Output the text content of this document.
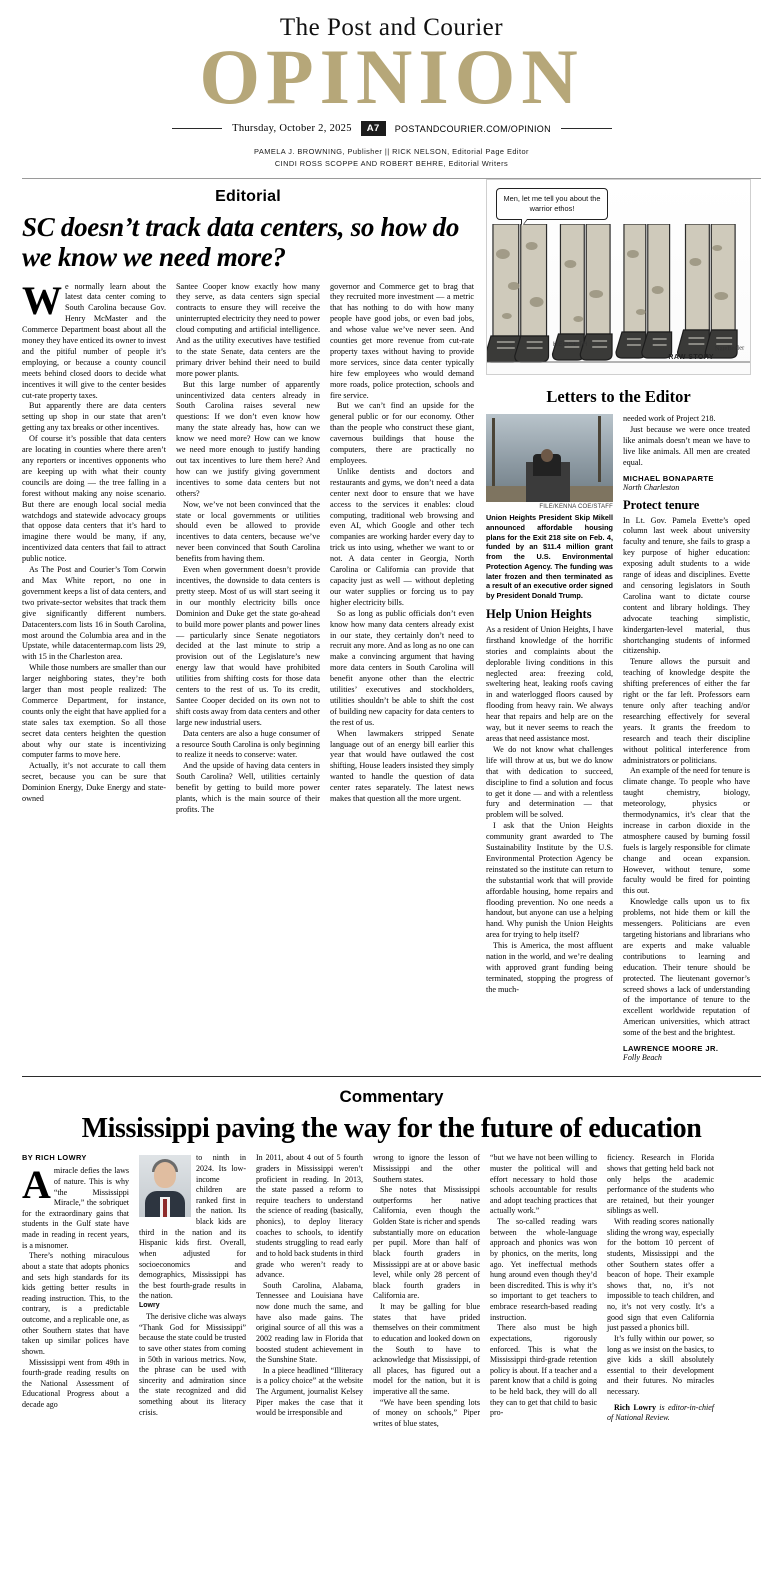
The Post and Courier
OPINION
Thursday, October 2, 2025	A7	POSTANDCOURIER.COM/OPINION
PAMELA J. BROWNING, Publisher || RICK NELSON, Editorial Page Editor
CINDI ROSS SCOPPE AND ROBERT BEHRE, Editorial Writers
Editorial
SC doesn’t track data centers, so how do we know we need more?

We normally learn about the latest data center coming to South Carolina because Gov. Henry McMaster and the Commerce Department boast about all the money they have enticed its owner to invest and the pitiful number of people it’s employing, or because a county council meets behind closed doors to decide what incentives it will give to the center besides cut-rate property taxes.

But apparently there are data centers setting up shop in our state that aren’t getting any tax breaks or other incentives.

Of course it’s possible that data centers are locating in counties where there aren’t any reporters or incentives opponents who are keeping up with what their county councils are doing — the tree falling in a forest without making any noise scenario. But there are enough local social media watchdogs and statewide advocacy groups that oppose data centers that it’s hard to imagine there would be many, if any, incentivized data centers that fail to attract public notice.

As The Post and Courier’s Tom Corwin and Max White report, no one in government keeps a list of data centers, and two private-sector websites that track them give significantly different numbers. Datacenters.com lists 16 in South Carolina, most around the Columbia area and in the Upstate, while datacentermap.com lists 29, with 15 in the Charleston area.

While those numbers are smaller than our larger neighboring states, they’re both larger than most people realized: The Commerce Department, for instance, counts only the eight that have applied for a state sales tax exemption. So all those secret data centers heighten the question about why our state is incentivizing computer farms to move here.

Actually, it’s not accurate to call them secret, because you can be sure that Dominion Energy, Duke Energy and state-owned

Santee Cooper know exactly how many they serve, as data centers sign special contracts to ensure they will receive the uninterrupted electricity they need to power cloud computing and artificial intelligence. And as the utility executives have testified to the state Senate, data centers are the primary driver behind their need to build more power plants.

But this large number of apparently unincentivized data centers already in South Carolina raises several new questions: If we don’t even know how many the state already has, how can we know we need more? How can we know we need more enough to justify handing out tax incentives to lure them here? And how can we justify giving government incentives to some data centers but not others?

Now, we’ve not been convinced that the state or local governments or utilities should even be allowed to provide incentives to data centers, because we’ve never been convinced that South Carolina benefits from having them.

Even when government doesn’t provide incentives, the downside to data centers is pretty steep. Most of us will start seeing it in our monthly electricity bills once Dominion and Duke get the state go-ahead to build more power plants and power lines — particularly since Senate negotiators decided at the last minute to strip a provision out of the Legislature’s new energy law that would have prohibited utilities from shifting costs for those data centers to the rest of us. To its credit, Santee Cooper decided on its own not to shift costs away from data centers and other large new industrial users.

Data centers are also a huge consumer of a resource South Carolina is only beginning to realize it needs to conserve: water.

And the upside of having data centers in South Carolina? Well, utilities certainly benefit by getting to build more power plants, which is the main source of their profits. The

governor and Commerce get to brag that they recruited more investment — a metric that has nothing to do with how many people have good jobs, or even bad jobs, and whose value we’ve never seen. And counties get more revenue from cut-rate property taxes without having to provide more services, since data center typically hire few employees who would demand more roads, police protection, schools and fire service.

But we can’t find an upside for the general public or for our economy. Other than the people who construct these giant, cavernous buildings that house the computers, there are practically no employees.

Unlike dentists and doctors and restaurants and gyms, we don’t need a data center next door to ensure that we have access to the services it enables: cloud computing, traditional web browsing and even AI, which Google and other tech companies are working harder every day to trick us into using, whether we want to or not. A data center in Georgia, North Carolina or California can provide that capacity just as well — without depleting our water supplies or forcing us to pay higher electricity bills.

So as long as public officials don’t even know how many data centers already exist in our state, they certainly don’t need to recruit any more. And as long as no one can make a convincing argument that having more data centers in South Carolina will benefit anyone other than the electric utilities’ executives and stockholders, utilities shouldn’t be able to shift the cost of building new capacity for data centers to the rest of us.

When lawmakers stripped Senate language out of an energy bill earlier this year that would have outlawed the cost shifting, House leaders insisted they simply wanted to handle the question of data center rates separately. The latest news makes that question all the more urgent.

Men, let me tell you about the warrior ethos!
HEGSETH	NateBeeler
RAW STORY
Letters to the Editor
FILE/KENNA COE/STAFF
Union Heights President Skip Mikell announced affordable housing plans for the Exit 218 site on Feb. 4, funded by an $11.4 million grant from the U.S. Environmental Protection Agency. The funding was later frozen and then terminated as a result of an executive order signed by President Donald Trump.
Help Union Heights

As a resident of Union Heights, I have firsthand knowledge of the horrific stories and complaints about the deplorable living conditions in this neglected area: freezing cold, sweltering heat, leaking roofs caving in and waterlogged floors caused by flooding from heavy rain. We always hear that repairs and help are on the way, but it never seems to reach the areas that need assistance most.

We do not know what challenges life will throw at us, but we do know that with dedication to succeed, discipline to find a solution and focus to get it done — and with a relentless fury and determination — that problem will be solved.

I ask that the Union Heights community grant awarded to The Sustainability Institute by the U.S. Environmental Protection Agency be reinstated so the institute can return to the substantial work that will provide affordable housing, home repairs and flooding prevention. No one needs a handout, but anyone can use a helping hand. Why punish the Union Heights area for trying to help itself?

This is America, the most affluent nation in the world, and we’re dealing with approved grant funding being terminated, stopping the progress of the much-

needed work of Project 218.

Just because we were once treated like animals doesn’t mean we have to live like animals. All men are created equal.

MICHAEL BONAPARTE
North Charleston
Protect tenure

In Lt. Gov. Pamela Evette’s oped column last week about university faculty and tenure, she fails to grasp a key purpose of higher education: exposing adult students to a wide range of ideas and disciplines. Evette and censoring legislators in South Carolina want to dictate course content and library holdings. They advocate teaching simplistic, kindergarten-level material, thus shortchanging students of informed citizenship.

Tenure allows the pursuit and teaching of knowledge despite the shifting preferences of either the far right or the far left. Professors earn tenure only after teaching and/or researching effectively for several years. It grants the freedom to research and teach their discipline without political interference from administrators or politicians.

An example of the need for tenure is climate change. To people who have taught chemistry, biology, meteorology, physics or thermodynamics, it’s clear that the increase in carbon dioxide in the atmosphere caused by burning fossil fuels is largely responsible for climate change and ocean expansion. However, without tenure, some faculty would be fired for pointing this out.

Knowledge calls upon us to fix problems, not hide them or kill the messengers. Politicians are even targeting historians and librarians who are experts and make valuable contributions to learning and education. Their tenure should be protected. The lieutenant governor’s screed shows a lack of understanding of the importance of tenure to the excellent worldwide reputation of American universities, which attract some of the best and the brightest.

LAWRENCE MOORE JR.
Folly Beach
Commentary
Mississippi paving the way for the future of education
BY RICH LOWRY

Amiracle defies the laws of nature. This is why “the Mississippi Miracle,” the sobriquet for the extraordinary gains that students in the Gulf state have made in reading in recent years, is a misnomer.

There’s nothing miraculous about a state that adopts phonics and sets high standards for its kids getting better results in reading instruction. This, to the contrary, is a predictable outcome, and a replicable one, as other Southern states that have taken up similar polices have shown.

Mississippi went from 49th in fourth-grade reading results on the National Assessment of Educational Progress about a decade ago

to ninth in 2024. Its low-income children are ranked first in the nation. Its black kids are third in the nation and its Hispanic kids first. Overall, when adjusted for socioeconomics and demographics, Mississippi has the best fourth-grade results in the nation.

Lowry

The derisive cliche was always “Thank God for Mississippi” because the state could be trusted to save other states from coming in 50th in various metrics. Now, the phrase can be used with sincerity and admiration since the state recognized and did something about its literacy crisis.

In 2011, about 4 out of 5 fourth graders in Mississippi weren’t proficient in reading. In 2013, the state passed a reform to require teachers to understand the science of reading (basically, phonics), to deploy literacy coaches to schools, to identify students struggling to read early and to hold back students in third grade who weren’t ready to advance.

South Carolina, Alabama, Tennessee and Louisiana have now done much the same, and have also made gains. The original source of all this was a 2002 reading law in Florida that boosted student achievement in the Sunshine State.

In a piece headlined “Illiteracy is a policy choice” at the website The Argument, journalist Kelsey Piper makes the case that it would be irresponsible and

wrong to ignore the lesson of Mississippi and the other Southern states.

She notes that Mississippi outperforms her native California, even though the Golden State is richer and spends substantially more on education per pupil. More than half of black fourth graders in Mississippi are at or above basic level, while only 28 percent of black fourth graders in California are.

It may be galling for blue states that have prided themselves on their commitment to education and looked down on the South to have to acknowledge that Mississippi, of all places, has figured out a model for the nation, but it is imperative all the same.

“We have been spending lots of money on schools,” Piper writes of blue states,

“but we have not been willing to muster the political will and effort necessary to hold those schools accountable for results and adopt teaching practices that actually work.”

The so-called reading wars between the whole-language approach and phonics was won by phonics, on the merits, long ago. Yet ineffectual methods hung around even though they’d been discredited. This is why it’s so important to get teachers to embrace research-based reading instruction.

There also must be high expectations, rigorously enforced. This is what the Mississippi third-grade retention policy is about. If a teacher and a parent know that a child is going to be held back, they will do all they can to get that child to basic pro-

ficiency. Research in Florida shows that getting held back not only helps the academic performance of the students who are retained, but their younger siblings as well.

With reading scores nationally sliding the wrong way, especially for the bottom 10 percent of students, Mississippi and the other Southern states offer a beacon of hope. Their example shows that, no, it’s not impossible to teach children, and no, it’s not very costly. It’s a good sign that even California just passed a phonics bill.

It’s fully within our power, so long as we insist on the basics, to give kids a skill absolutely essential to their development and their futures. No miracles necessary.

Rich Lowry is editor-in-chief of National Review.
